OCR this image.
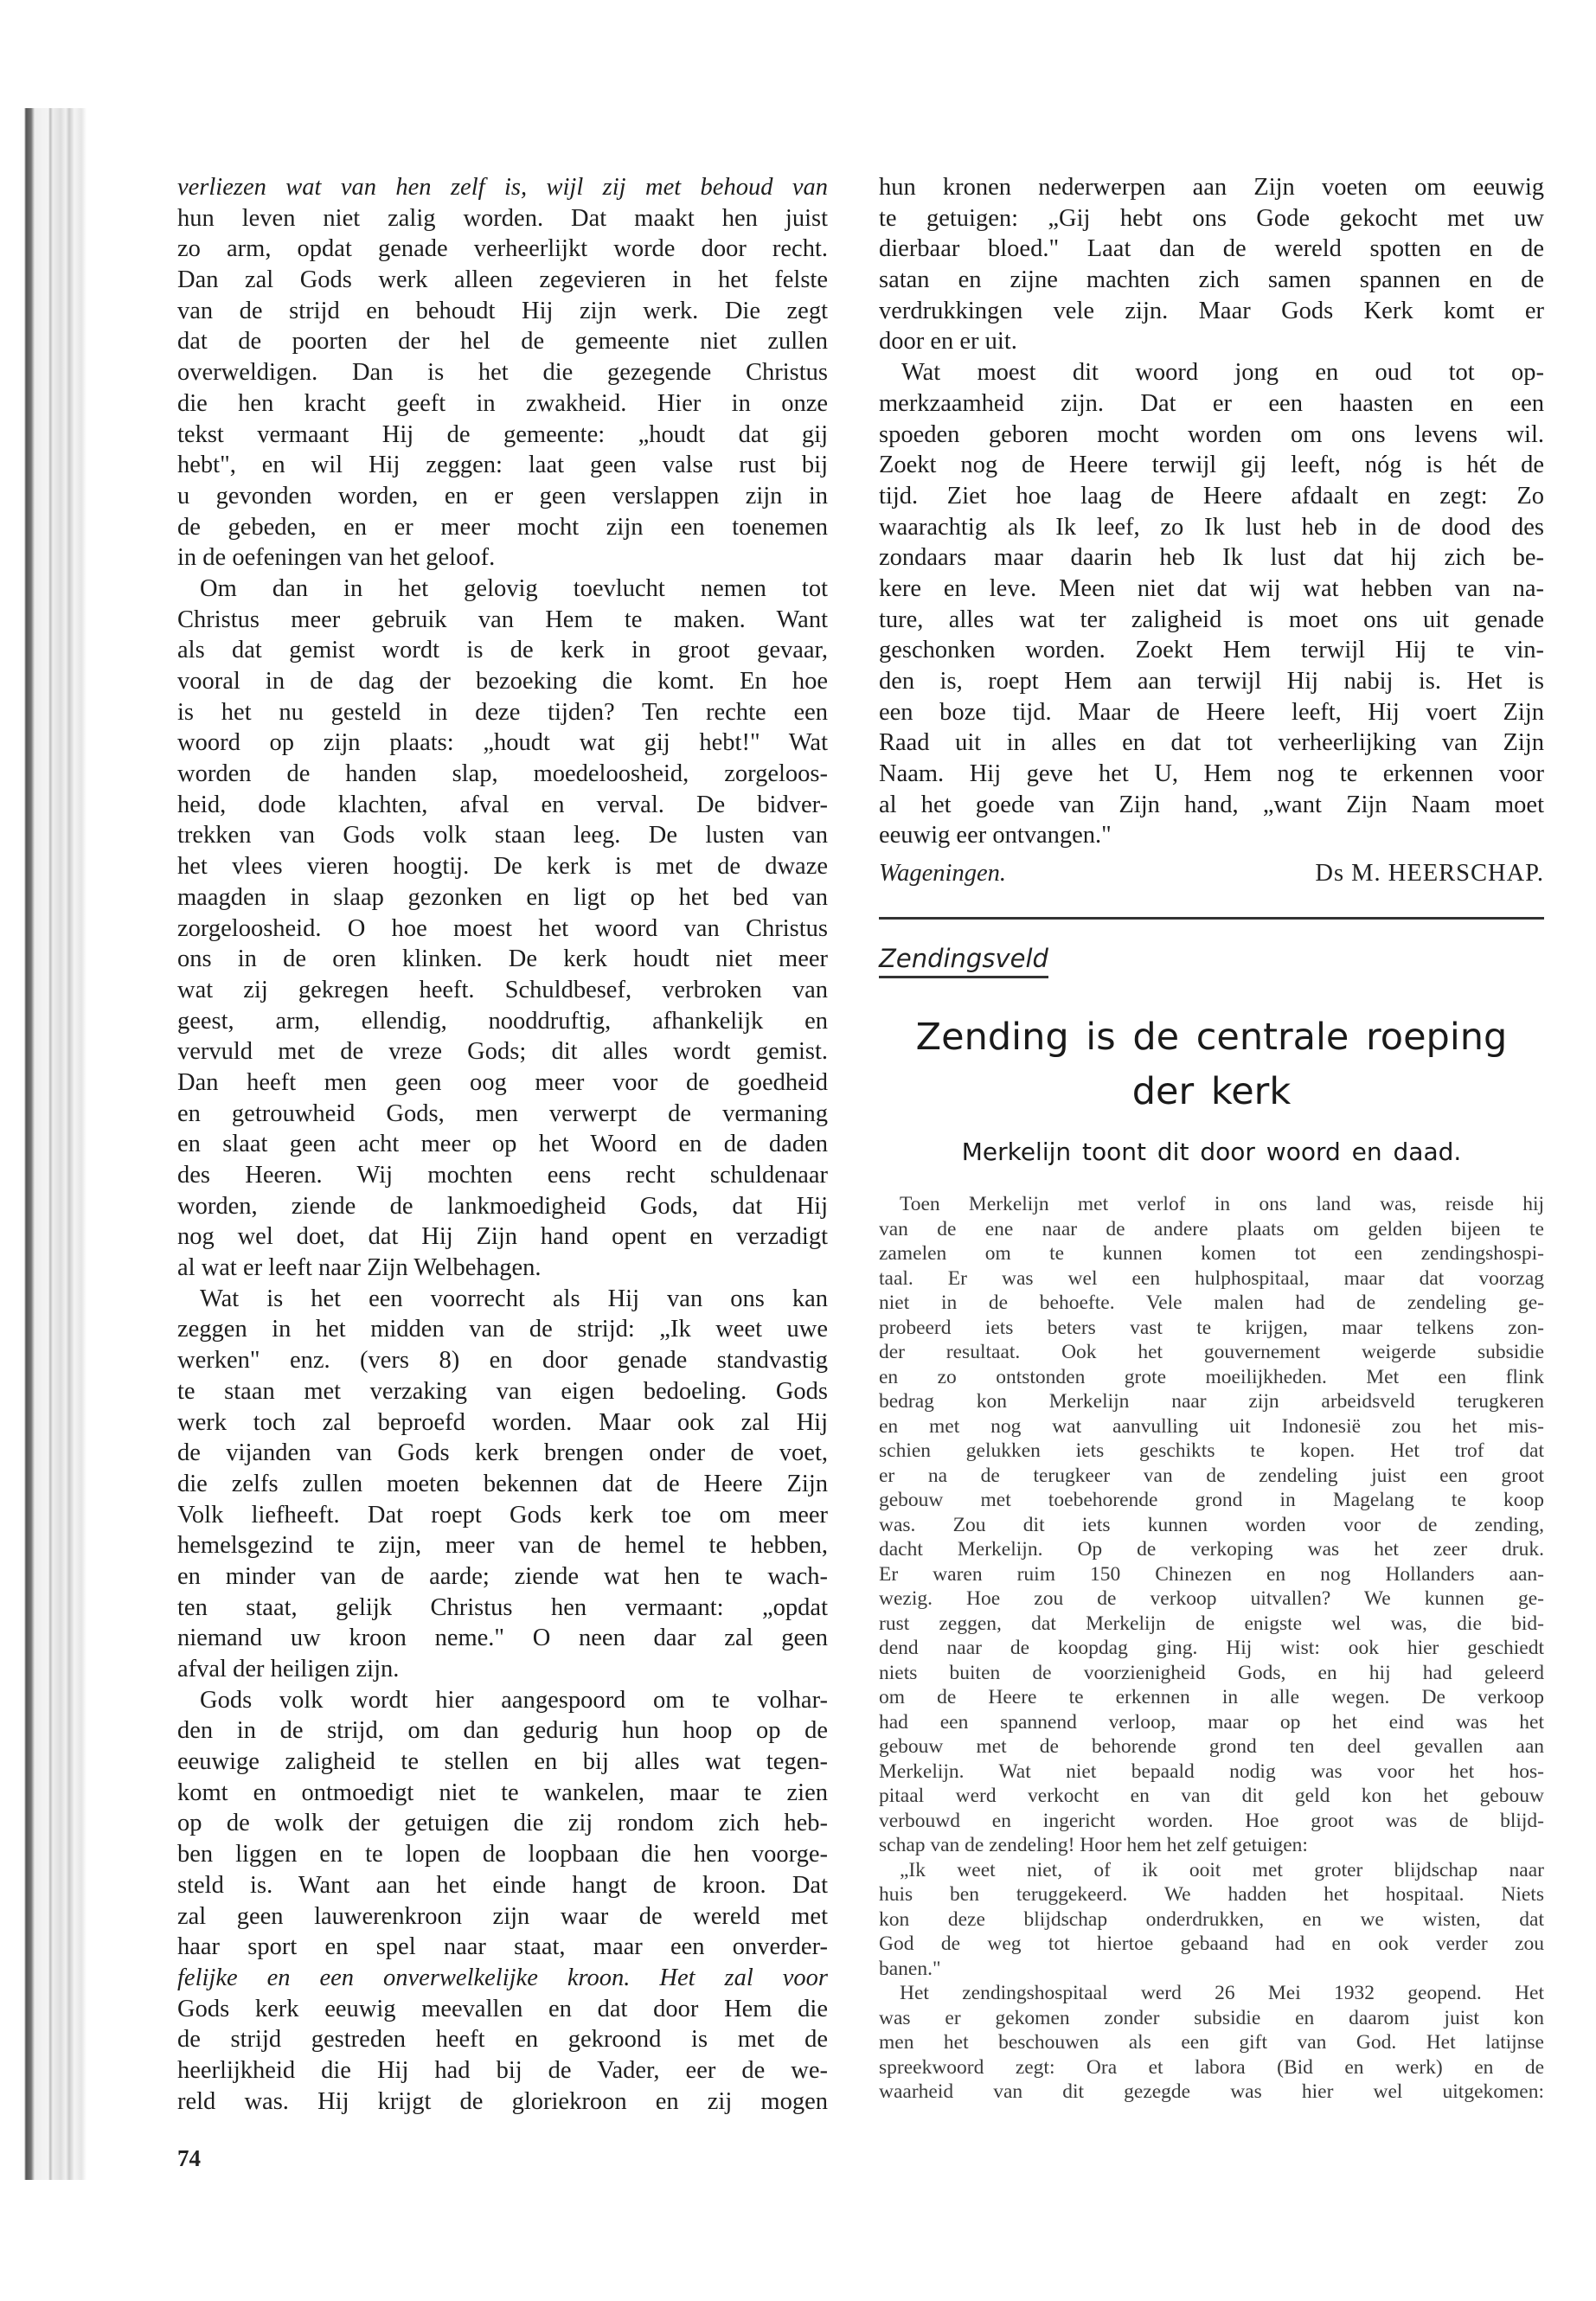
verliezen wat van hen zelf is, wijl zij met behoud van
hun leven niet zalig worden. Dat maakt hen juist
zo arm, opdat genade verheerlijkt worde door recht.
Dan zal Gods werk alleen zegevieren in het felste
van de strijd en behoudt Hij zijn werk. Die zegt
dat de poorten der hel de gemeente niet zullen
overweldigen. Dan is het die gezegende Christus
die hen kracht geeft in zwakheid. Hier in onze
tekst vermaant Hij de gemeente: „houdt dat gij
hebt", en wil Hij zeggen: laat geen valse rust bij
u gevonden worden, en er geen verslappen zijn in
de gebeden, en er meer mocht zijn een toenemen
in de oefeningen van het geloof.
Om dan in het gelovig toevlucht nemen tot
Christus meer gebruik van Hem te maken. Want
als dat gemist wordt is de kerk in groot gevaar,
vooral in de dag der bezoeking die komt. En hoe
is het nu gesteld in deze tijden? Ten rechte een
woord op zijn plaats: „houdt wat gij hebt!" Wat
worden de handen slap, moedeloosheid, zorgeloos-
heid, dode klachten, afval en verval. De bidver-
trekken van Gods volk staan leeg. De lusten van
het vlees vieren hoogtij. De kerk is met de dwaze
maagden in slaap gezonken en ligt op het bed van
zorgeloosheid. O hoe moest het woord van Christus
ons in de oren klinken. De kerk houdt niet meer
wat zij gekregen heeft. Schuldbesef, verbroken van
geest, arm, ellendig, nooddruftig, afhankelijk en
vervuld met de vreze Gods; dit alles wordt gemist.
Dan heeft men geen oog meer voor de goedheid
en getrouwheid Gods, men verwerpt de vermaning
en slaat geen acht meer op het Woord en de daden
des Heeren. Wij mochten eens recht schuldenaar
worden, ziende de lankmoedigheid Gods, dat Hij
nog wel doet, dat Hij Zijn hand opent en verzadigt
al wat er leeft naar Zijn Welbehagen.
Wat is het een voorrecht als Hij van ons kan
zeggen in het midden van de strijd: „Ik weet uwe
werken" enz. (vers 8) en door genade standvastig
te staan met verzaking van eigen bedoeling. Gods
werk toch zal beproefd worden. Maar ook zal Hij
de vijanden van Gods kerk brengen onder de voet,
die zelfs zullen moeten bekennen dat de Heere Zijn
Volk liefheeft. Dat roept Gods kerk toe om meer
hemelsgezind te zijn, meer van de hemel te hebben,
en minder van de aarde; ziende wat hen te wach-
ten staat, gelijk Christus hen vermaant: „opdat
niemand uw kroon neme." O neen daar zal geen
afval der heiligen zijn.
Gods volk wordt hier aangespoord om te volhar-
den in de strijd, om dan gedurig hun hoop op de
eeuwige zaligheid te stellen en bij alles wat tegen-
komt en ontmoedigt niet te wankelen, maar te zien
op de wolk der getuigen die zij rondom zich heb-
ben liggen en te lopen de loopbaan die hen voorge-
steld is. Want aan het einde hangt de kroon. Dat
zal geen lauwerenkroon zijn waar de wereld met
haar sport en spel naar staat, maar een onverder-
felijke en een onverwelkelijke kroon. Het zal voor
Gods kerk eeuwig meevallen en dat door Hem die
de strijd gestreden heeft en gekroond is met de
heerlijkheid die Hij had bij de Vader, eer de we-
reld was. Hij krijgt de gloriekroon en zij mogen
hun kronen nederwerpen aan Zijn voeten om eeuwig
te getuigen: „Gij hebt ons Gode gekocht met uw
dierbaar bloed." Laat dan de wereld spotten en de
satan en zijne machten zich samen spannen en de
verdrukkingen vele zijn. Maar Gods Kerk komt er
door en er uit.
Wat moest dit woord jong en oud tot op-
merkzaamheid zijn. Dat er een haasten en een
spoeden geboren mocht worden om ons levens wil.
Zoekt nog de Heere terwijl gij leeft, nóg is hét de
tijd. Ziet hoe laag de Heere afdaalt en zegt: Zo
waarachtig als Ik leef, zo Ik lust heb in de dood des
zondaars maar daarin heb Ik lust dat hij zich be-
kere en leve. Meen niet dat wij wat hebben van na-
ture, alles wat ter zaligheid is moet ons uit genade
geschonken worden. Zoekt Hem terwijl Hij te vin-
den is, roept Hem aan terwijl Hij nabij is. Het is
een boze tijd. Maar de Heere leeft, Hij voert Zijn
Raad uit in alles en dat tot verheerlijking van Zijn
Naam. Hij geve het U, Hem nog te erkennen voor
al het goede van Zijn hand, „want Zijn Naam moet
eeuwig eer ontvangen."
Wageningen.	Ds M. HEERSCHAP.
Zendingsveld
Zending is de centrale roeping
der kerk
Merkelijn toont dit door woord en daad.
Toen Merkelijn met verlof in ons land was, reisde hij
van de ene naar de andere plaats om gelden bijeen te
zamelen om te kunnen komen tot een zendingshospi-
taal. Er was wel een hulphospitaal, maar dat voorzag
niet in de behoefte. Vele malen had de zendeling ge-
probeerd iets beters vast te krijgen, maar telkens zon-
der resultaat. Ook het gouvernement weigerde subsidie
en zo ontstonden grote moeilijkheden. Met een flink
bedrag kon Merkelijn naar zijn arbeidsveld terugkeren
en met nog wat aanvulling uit Indonesië zou het mis-
schien gelukken iets geschikts te kopen. Het trof dat
er na de terugkeer van de zendeling juist een groot
gebouw met toebehorende grond in Magelang te koop
was. Zou dit iets kunnen worden voor de zending,
dacht Merkelijn. Op de verkoping was het zeer druk.
Er waren ruim 150 Chinezen en nog Hollanders aan-
wezig. Hoe zou de verkoop uitvallen? We kunnen ge-
rust zeggen, dat Merkelijn de enigste wel was, die bid-
dend naar de koopdag ging. Hij wist: ook hier geschiedt
niets buiten de voorzienigheid Gods, en hij had geleerd
om de Heere te erkennen in alle wegen. De verkoop
had een spannend verloop, maar op het eind was het
gebouw met de behorende grond ten deel gevallen aan
Merkelijn. Wat niet bepaald nodig was voor het hos-
pitaal werd verkocht en van dit geld kon het gebouw
verbouwd en ingericht worden. Hoe groot was de blijd-
schap van de zendeling! Hoor hem het zelf getuigen:
„Ik weet niet, of ik ooit met groter blijdschap naar
huis ben teruggekeerd. We hadden het hospitaal. Niets
kon deze blijdschap onderdrukken, en we wisten, dat
God de weg tot hiertoe gebaand had en ook verder zou
banen."
Het zendingshospitaal werd 26 Mei 1932 geopend. Het
was er gekomen zonder subsidie en daarom juist kon
men het beschouwen als een gift van God. Het latijnse
spreekwoord zegt: Ora et labora (Bid en werk) en de
waarheid van dit gezegde was hier wel uitgekomen:
74
